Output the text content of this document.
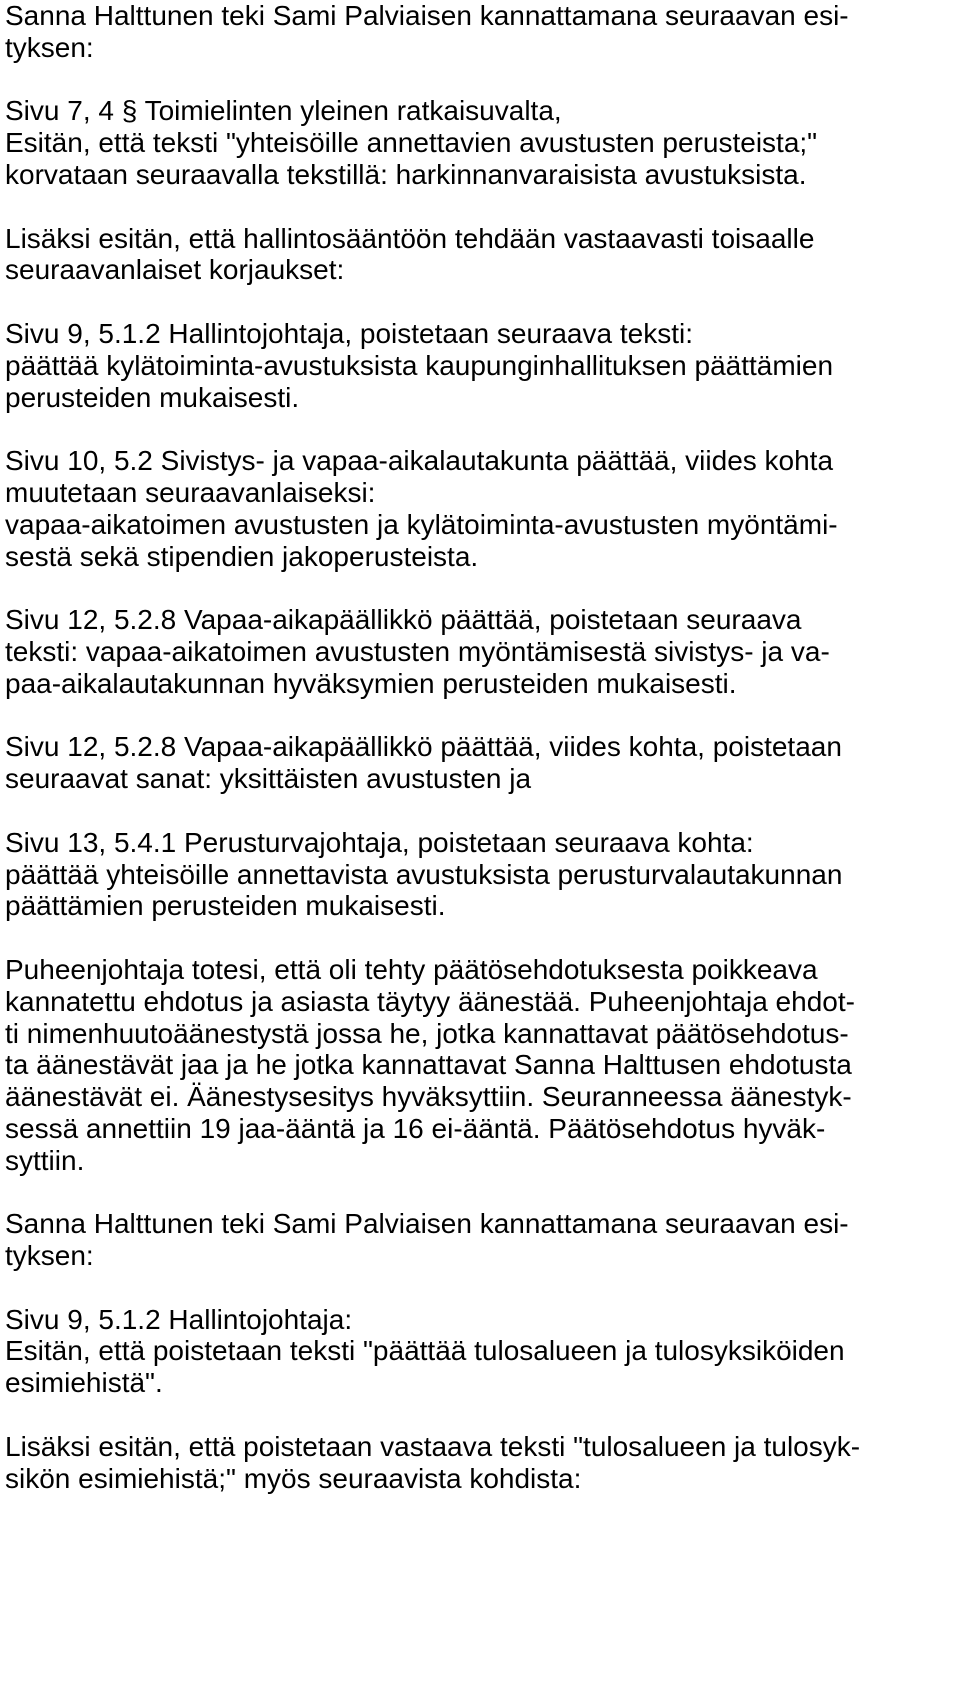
Sanna Halttunen teki Sami Palviaisen kannattamana seuraavan esi-
tyksen:
Sivu 7, 4 § Toimielinten yleinen ratkaisuvalta,
Esitän, että teksti "yhteisöille annettavien avustusten perusteista;"
korvataan seuraavalla tekstillä: harkinnanvaraisista avustuksista.
Lisäksi esitän, että hallintosääntöön tehdään vastaavasti toisaalle
seuraavanlaiset korjaukset:
Sivu 9, 5.1.2 Hallintojohtaja, poistetaan seuraava teksti:
päättää kylätoiminta-avustuksista kaupunginhallituksen päättämien
perusteiden mukaisesti.
Sivu 10, 5.2 Sivistys- ja vapaa-aikalautakunta päättää, viides kohta
muutetaan seuraavanlaiseksi:
vapaa-aikatoimen avustusten ja kylätoiminta-avustusten myöntämi-
sestä sekä stipendien jakoperusteista.
Sivu 12, 5.2.8 Vapaa-aikapäällikkö päättää, poistetaan seuraava
teksti: vapaa-aikatoimen avustusten myöntämisestä sivistys- ja va-
paa-aikalautakunnan hyväksymien perusteiden mukaisesti.
Sivu 12, 5.2.8 Vapaa-aikapäällikkö päättää, viides kohta, poistetaan
seuraavat sanat: yksittäisten avustusten ja
Sivu 13, 5.4.1 Perusturvajohtaja, poistetaan seuraava kohta:
päättää yhteisöille annettavista avustuksista perusturvalautakunnan
päättämien perusteiden mukaisesti.
Puheenjohtaja totesi, että oli tehty päätösehdotuksesta poikkeava
kannatettu ehdotus ja asiasta täytyy äänestää. Puheenjohtaja ehdot-
ti nimenhuutoäänestystä jossa he, jotka kannattavat päätösehdotus-
ta äänestävät jaa ja he jotka kannattavat Sanna Halttusen ehdotusta
äänestävät ei. Äänestysesitys hyväksyttiin. Seuranneessa äänestyk-
sessä annettiin 19 jaa-ääntä ja 16 ei-ääntä. Päätösehdotus hyväk-
syttiin.
Sanna Halttunen teki Sami Palviaisen kannattamana seuraavan esi-
tyksen:
Sivu 9, 5.1.2 Hallintojohtaja:
Esitän, että poistetaan teksti "päättää tulosalueen ja tulosyksiköiden
esimiehistä".
Lisäksi esitän, että poistetaan vastaava teksti "tulosalueen ja tulosyk-
sikön esimiehistä;" myös seuraavista kohdista:
